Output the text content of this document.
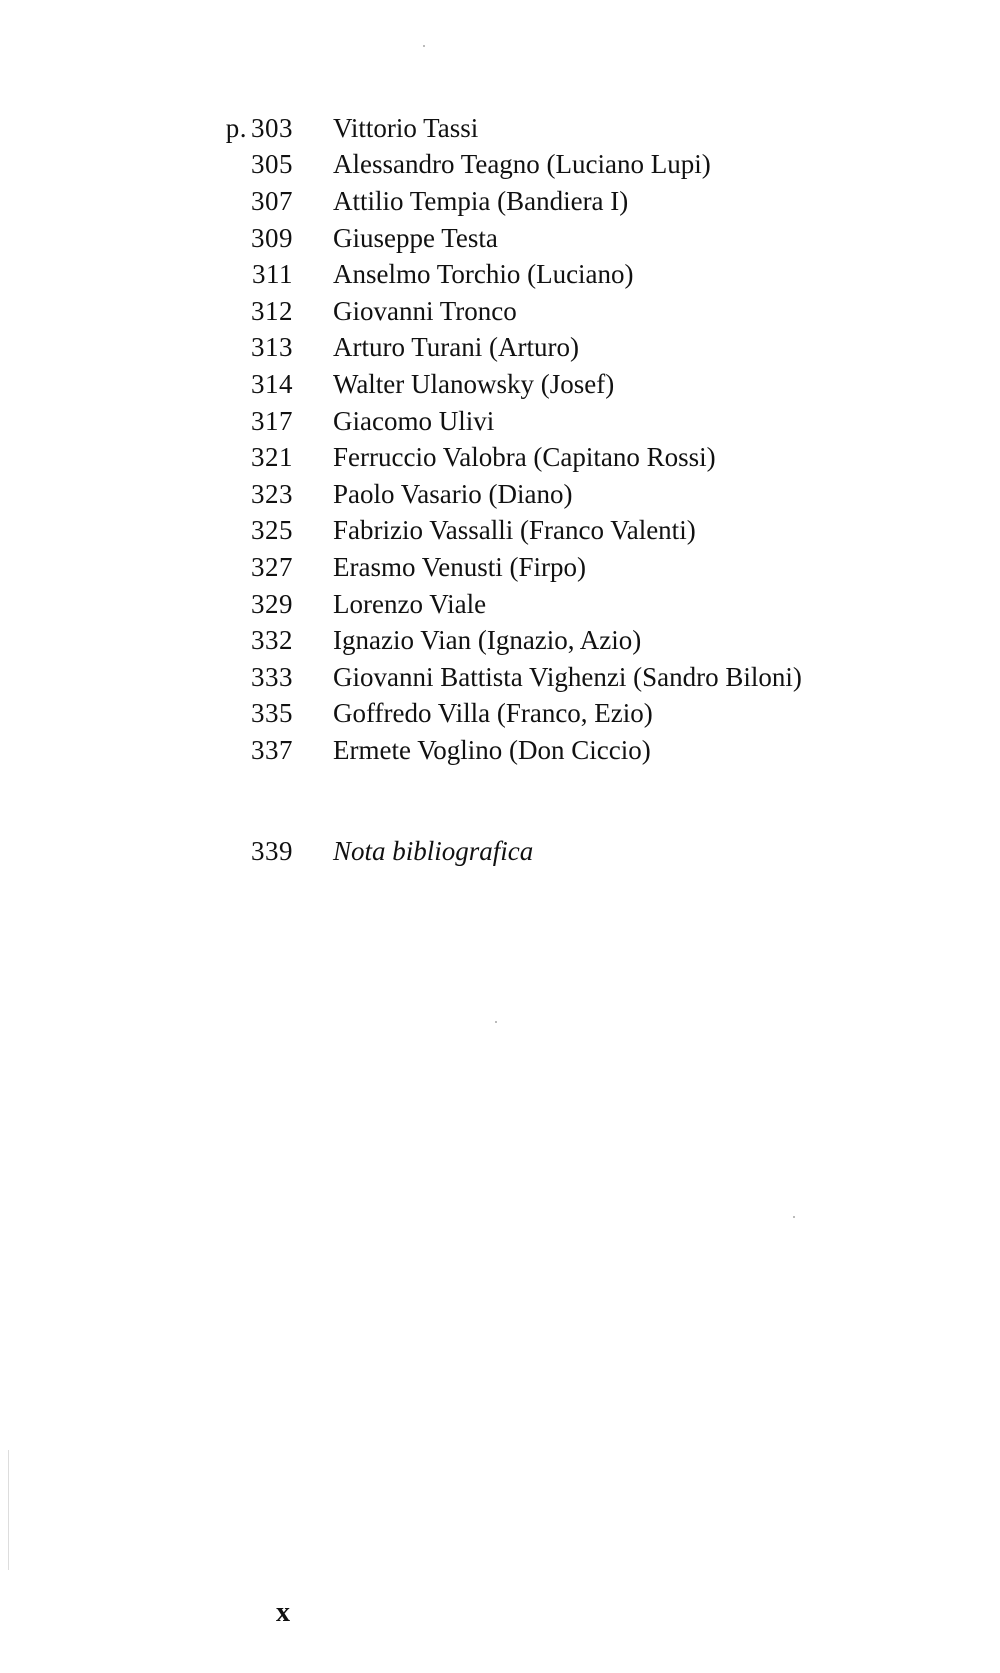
p. 303 Vittorio Tassi
305 Alessandro Teagno (Luciano Lupi)
307 Attilio Tempia (Bandiera I)
309 Giuseppe Testa
311 Anselmo Torchio (Luciano)
312 Giovanni Tronco
313 Arturo Turani (Arturo)
314 Walter Ulanowsky (Josef)
317 Giacomo Ulivi
321 Ferruccio Valobra (Capitano Rossi)
323 Paolo Vasario (Diano)
325 Fabrizio Vassalli (Franco Valenti)
327 Erasmo Venusti (Firpo)
329 Lorenzo Viale
332 Ignazio Vian (Ignazio, Azio)
333 Giovanni Battista Vighenzi (Sandro Biloni)
335 Goffredo Villa (Franco, Ezio)
337 Ermete Voglino (Don Ciccio)
339 Nota bibliografica
x
